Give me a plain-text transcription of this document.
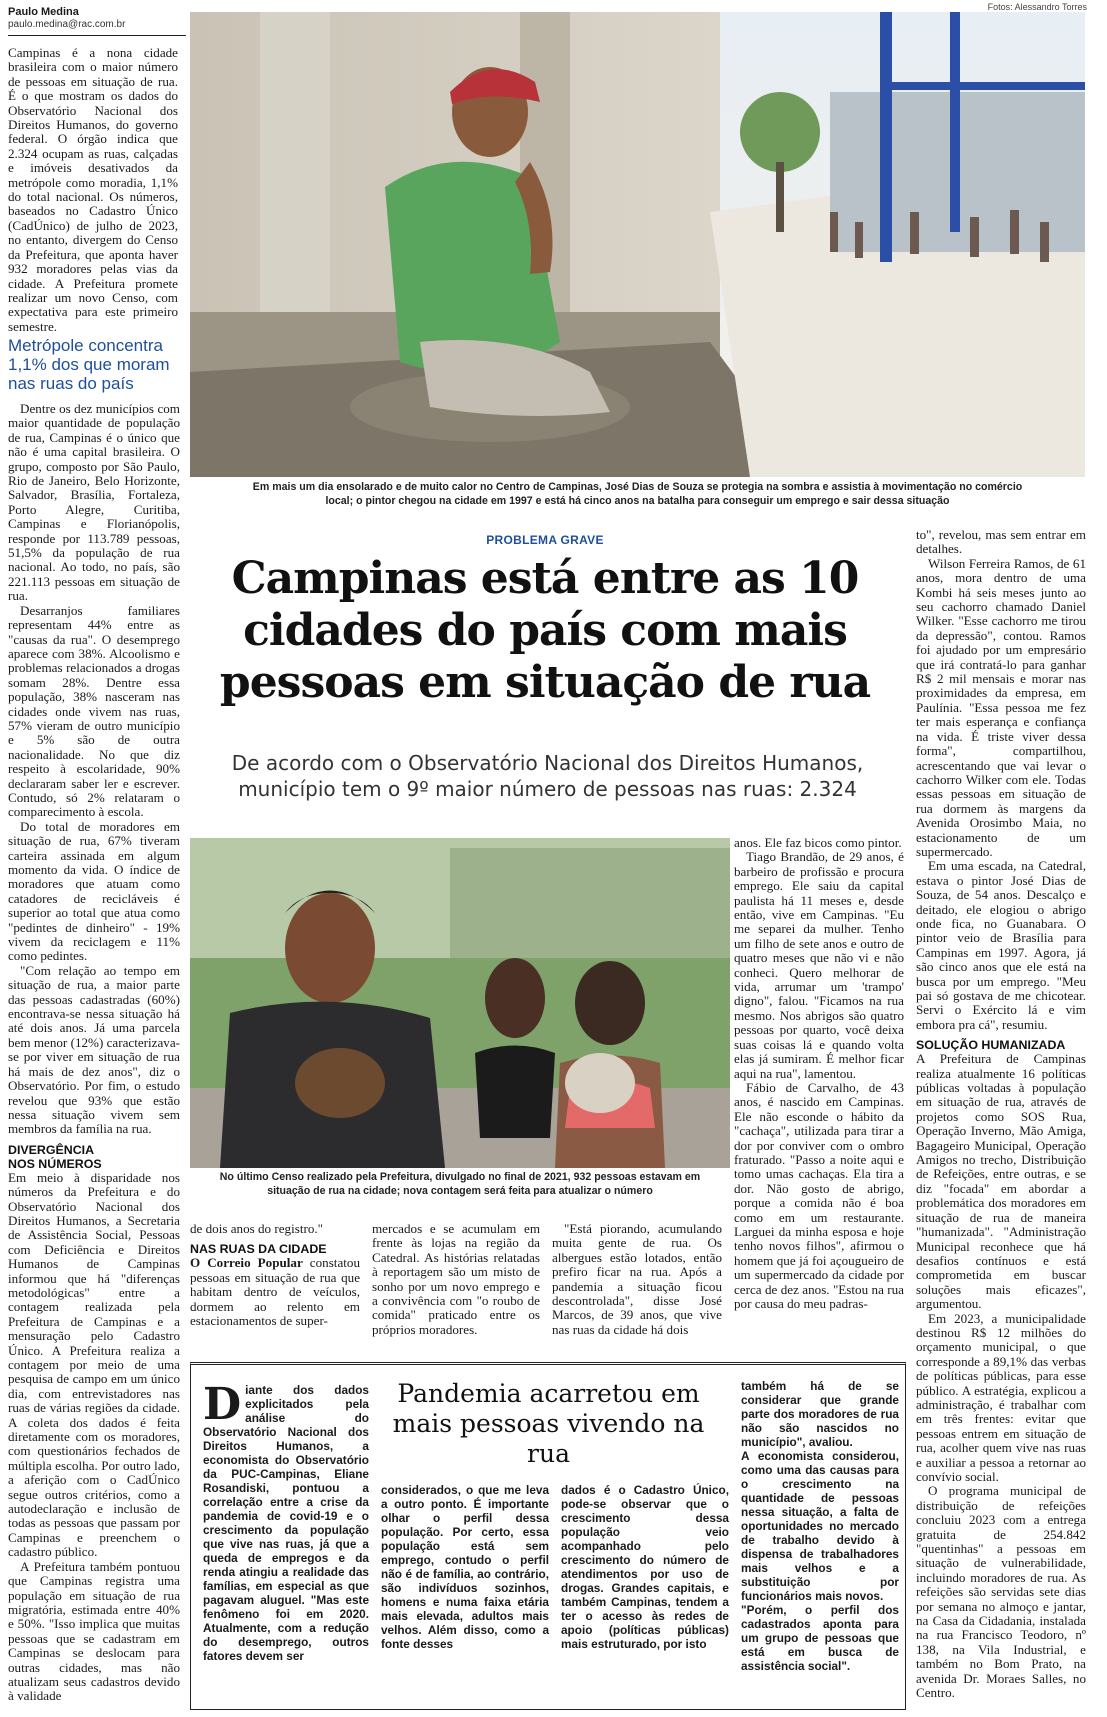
Paulo Medina
paulo.medina@rac.com.br
Fotos: Alessandro Torres

Campinas é a nona cidade brasileira com o maior número de pessoas em situação de rua. É o que mostram os dados do Observatório Nacional dos Direitos Humanos, do governo federal. O órgão indica que 2.324 ocupam as ruas, calçadas e imóveis desativados da metrópole como moradia, 1,1% do total nacional. Os números, baseados no Cadastro Único (CadÚnico) de julho de 2023, no entanto, divergem do Censo da Prefeitura, que aponta haver 932 moradores pelas vias da cidade. A Prefeitura promete realizar um novo Censo, com expectativa para este primeiro semestre.

Metrópole concentra 1,1% dos que moram nas ruas do país

Dentre os dez municípios com maior quantidade de população de rua, Campinas é o único que não é uma capital brasileira. O grupo, composto por São Paulo, Rio de Janeiro, Belo Horizonte, Salvador, Brasília, Fortaleza, Porto Alegre, Curitiba, Campinas e Florianópolis, responde por 113.789 pessoas, 51,5% da população de rua nacional. Ao todo, no país, são 221.113 pessoas em situação de rua.

Desarranjos familiares representam 44% entre as "causas da rua". O desemprego aparece com 38%. Alcoolismo e problemas relacionados a drogas somam 28%. Dentre essa população, 38% nasceram nas cidades onde vivem nas ruas, 57% vieram de outro município e 5% são de outra nacionalidade. No que diz respeito à escolaridade, 90% declararam saber ler e escrever. Contudo, só 2% relataram o comparecimento à escola.

Do total de moradores em situação de rua, 67% tiveram carteira assinada em algum momento da vida. O índice de moradores que atuam como catadores de recicláveis é superior ao total que atua como "pedintes de dinheiro" - 19% vivem da reciclagem e 11% como pedintes.

"Com relação ao tempo em situação de rua, a maior parte das pessoas cadastradas (60%) encontrava-se nessa situação há até dois anos. Já uma parcela bem menor (12%) caracterizava-se por viver em situação de rua há mais de dez anos", diz o Observatório. Por fim, o estudo revelou que 93% que estão nessa situação vivem sem membros da família na rua.

DIVERGÊNCIA NOS NÚMEROS

Em meio à disparidade nos números da Prefeitura e do Observatório Nacional dos Direitos Humanos, a Secretaria de Assistência Social, Pessoas com Deficiência e Direitos Humanos de Campinas informou que há "diferenças metodológicas" entre a contagem realizada pela Prefeitura de Campinas e a mensuração pelo Cadastro Único. A Prefeitura realiza a contagem por meio de uma pesquisa de campo em um único dia, com entrevistadores nas ruas de várias regiões da cidade. A coleta dos dados é feita diretamente com os moradores, com questionários fechados de múltipla escolha. Por outro lado, a aferição com o CadÚnico segue outros critérios, como a autodeclaração e inclusão de todas as pessoas que passam por Campinas e preenchem o cadastro público.

A Prefeitura também pontuou que Campinas registra uma população em situação de rua migratória, estimada entre 40% e 50%. "Isso implica que muitas pessoas que se cadastram em Campinas se deslocam para outras cidades, mas não atualizam seus cadastros devido à validade

Em mais um dia ensolarado e de muito calor no Centro de Campinas, José Dias de Souza se protegia na sombra e assistia à movimentação no comércio local; o pintor chegou na cidade em 1997 e está há cinco anos na batalha para conseguir um emprego e sair dessa situação
PROBLEMA GRAVE
Campinas está entre as 10 cidades do país com mais pessoas em situação de rua
De acordo com o Observatório Nacional dos Direitos Humanos, município tem o 9º maior número de pessoas nas ruas: 2.324
No último Censo realizado pela Prefeitura, divulgado no final de 2021, 932 pessoas estavam em situação de rua na cidade; nova contagem será feita para atualizar o número

de dois anos do registro."

NAS RUAS DA CIDADE

O Correio Popular constatou pessoas em situação de rua que habitam dentro de veículos, dormem ao relento em estacionamentos de super-

mercados e se acumulam em frente às lojas na região da Catedral. As histórias relatadas à reportagem são um misto de sonho por um novo emprego e a convivência com "o roubo de comida" praticado entre os próprios moradores.

"Está piorando, acumulando muita gente de rua. Os albergues estão lotados, então prefiro ficar na rua. Após a pandemia a situação ficou descontrolada", disse José Marcos, de 39 anos, que vive nas ruas da cidade há dois

anos. Ele faz bicos como pintor.

Tiago Brandão, de 29 anos, é barbeiro de profissão e procura emprego. Ele saiu da capital paulista há 11 meses e, desde então, vive em Campinas. "Eu me separei da mulher. Tenho um filho de sete anos e outro de quatro meses que não vi e não conheci. Quero melhorar de vida, arrumar um 'trampo' digno", falou. "Ficamos na rua mesmo. Nos abrigos são quatro pessoas por quarto, você deixa suas coisas lá e quando volta elas já sumiram. É melhor ficar aqui na rua", lamentou.

Fábio de Carvalho, de 43 anos, é nascido em Campinas. Ele não esconde o hábito da "cachaça", utilizada para tirar a dor por conviver com o ombro fraturado. "Passo a noite aqui e tomo umas cachaças. Ela tira a dor. Não gosto de abrigo, porque a comida não é boa como em um restaurante. Larguei da minha esposa e hoje tenho novos filhos", afirmou o homem que já foi açougueiro de um supermercado da cidade por cerca de dez anos. "Estou na rua por causa do meu padras-

to", revelou, mas sem entrar em detalhes.

Wilson Ferreira Ramos, de 61 anos, mora dentro de uma Kombi há seis meses junto ao seu cachorro chamado Daniel Wilker. "Esse cachorro me tirou da depressão", contou. Ramos foi ajudado por um empresário que irá contratá-lo para ganhar R$ 2 mil mensais e morar nas proximidades da empresa, em Paulínia. "Essa pessoa me fez ter mais esperança e confiança na vida. É triste viver dessa forma", compartilhou, acrescentando que vai levar o cachorro Wilker com ele. Todas essas pessoas em situação de rua dormem às margens da Avenida Orosimbo Maia, no estacionamento de um supermercado.

Em uma escada, na Catedral, estava o pintor José Dias de Souza, de 54 anos. Descalço e deitado, ele elogiou o abrigo onde fica, no Guanabara. O pintor veio de Brasília para Campinas em 1997. Agora, já são cinco anos que ele está na busca por um emprego. "Meu pai só gostava de me chicotear. Servi o Exército lá e vim embora pra cá", resumiu.

SOLUÇÃO HUMANIZADA

A Prefeitura de Campinas realiza atualmente 16 políticas públicas voltadas à população em situação de rua, através de projetos como SOS Rua, Operação Inverno, Mão Amiga, Bagageiro Municipal, Operação Amigos no trecho, Distribuição de Refeições, entre outras, e se diz "focada" em abordar a problemática dos moradores em situação de rua de maneira "humanizada". "Administração Municipal reconhece que há desafios contínuos e está comprometida em buscar soluções mais eficazes", argumentou.

Em 2023, a municipalidade destinou R$ 12 milhões do orçamento municipal, o que corresponde a 89,1% das verbas de políticas públicas, para esse público. A estratégia, explicou a administração, é trabalhar com em três frentes: evitar que pessoas entrem em situação de rua, acolher quem vive nas ruas e auxiliar a pessoa a retornar ao convívio social.

O programa municipal de distribuição de refeições concluiu 2023 com a entrega gratuita de 254.842 "quentinhas" a pessoas em situação de vulnerabilidade, incluindo moradores de rua. As refeições são servidas sete dias por semana no almoço e jantar, na Casa da Cidadania, instalada na rua Francisco Teodoro, nº 138, na Vila Industrial, e também no Bom Prato, na avenida Dr. Moraes Salles, no Centro.

Pandemia acarretou em mais pessoas vivendo na rua
D iante dos dados explicitados pela análise do Observatório Nacional dos Direitos Humanos, a economista do Observatório da PUC-Campinas, Eliane Rosandiski, pontuou a correlação entre a crise da pandemia de covid-19 e o crescimento da população que vive nas ruas, já que a queda de empregos e da renda atingiu a realidade das famílias, em especial as que pagavam aluguel. "Mas este fenômeno foi em 2020. Atualmente, com a redução do desemprego, outros fatores devem ser
considerados, o que me leva a outro ponto. É importante olhar o perfil dessa população. Por certo, essa população está sem emprego, contudo o perfil não é de família, ao contrário, são indivíduos sozinhos, homens e numa faixa etária mais elevada, adultos mais velhos. Além disso, como a fonte desses
dados é o Cadastro Único, pode-se observar que o crescimento dessa população veio acompanhado pelo crescimento do número de atendimentos por uso de drogas. Grandes capitais, e também Campinas, tendem a ter o acesso às redes de apoio (políticas públicas) mais estruturado, por isto

também há de se considerar que grande parte dos moradores de rua não são nascidos no município", avaliou.

A economista considerou, como uma das causas para o crescimento na quantidade de pessoas nessa situação, a falta de oportunidades no mercado de trabalho devido à dispensa de trabalhadores mais velhos e a substituição por funcionários mais novos.

"Porém, o perfil dos cadastrados aponta para um grupo de pessoas que está em busca de assistência social".
